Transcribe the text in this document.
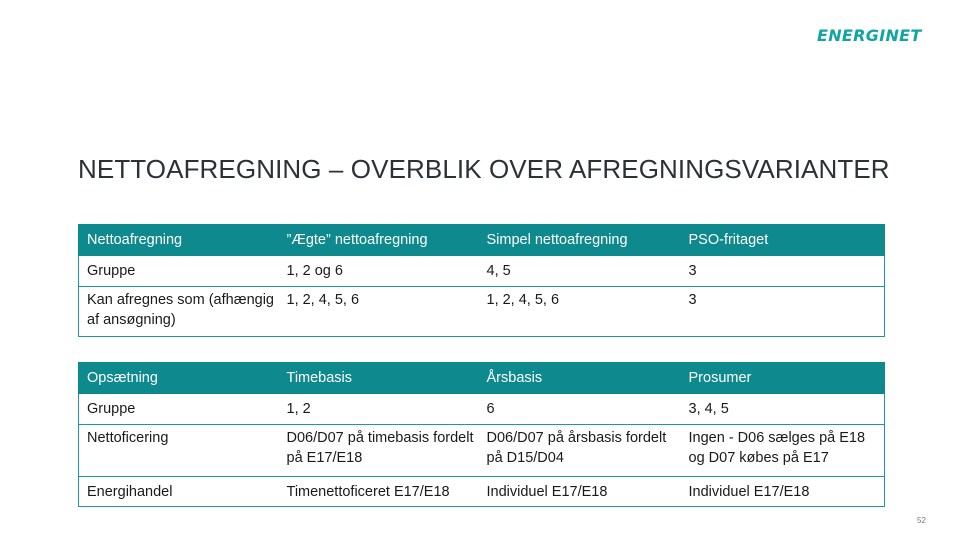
ENERGINET
NETTOAFREGNING – OVERBLIK OVER AFREGNINGSVARIANTER
Nettoafregning	”Ægte” nettoafregning	Simpel nettoafregning	PSO-fritaget
Gruppe	1, 2 og 6	4, 5	3
Kan afregnes som (afhængig af ansøgning)	1, 2, 4, 5, 6	1, 2, 4, 5, 6	3
Opsætning	Timebasis	Årsbasis	Prosumer
Gruppe	1, 2	6	3, 4, 5
Nettoficering	D06/D07 på timebasis fordelt på E17/E18	D06/D07 på årsbasis fordelt på D15/D04	Ingen - D06 sælges på E18 og D07 købes på E17
Energihandel	Timenettoficeret E17/E18	Individuel E17/E18	Individuel E17/E18
52
